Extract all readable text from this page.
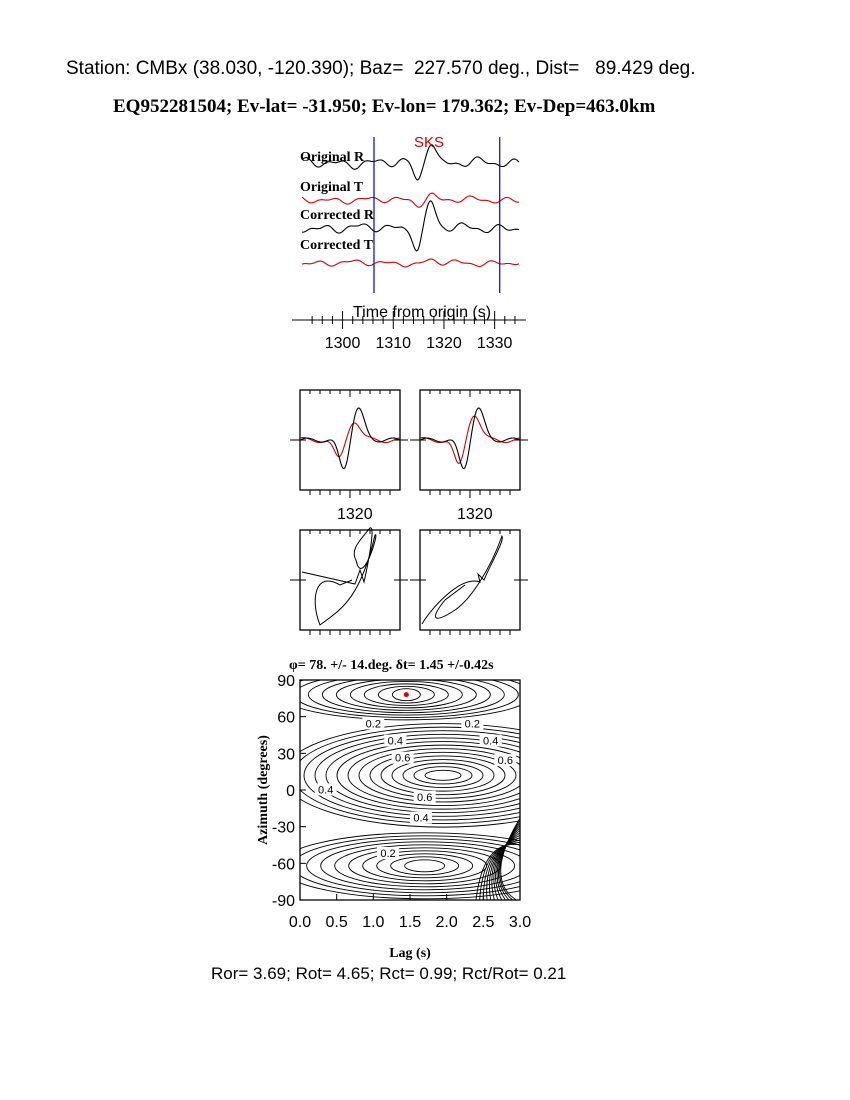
Station: CMBx (38.030, -120.390); Baz=  227.570 deg., Dist=   89.429 deg.
EQ952281504; Ev-lat= -31.950; Ev-lon= 179.362; Ev-Dep=463.0km
Original R
Original T
Corrected R
Corrected T
SKS
1300 1310 1320 1330
Time from origin (s)
1320	1320
φ= 78. +/- 14.deg. δt= 1.45 +/-0.42s
0.2	0.2
0.4	0.4
0.6	0.6
0.4
0.6
0.4
0.2
90
60
30
0
-30
-60
-90
0.0 0.5 1.0 1.5 2.0 2.5 3.0
Azimuth (degrees)
Lag (s)
Ror= 3.69; Rot= 4.65; Rct= 0.99; Rct/Rot= 0.21
